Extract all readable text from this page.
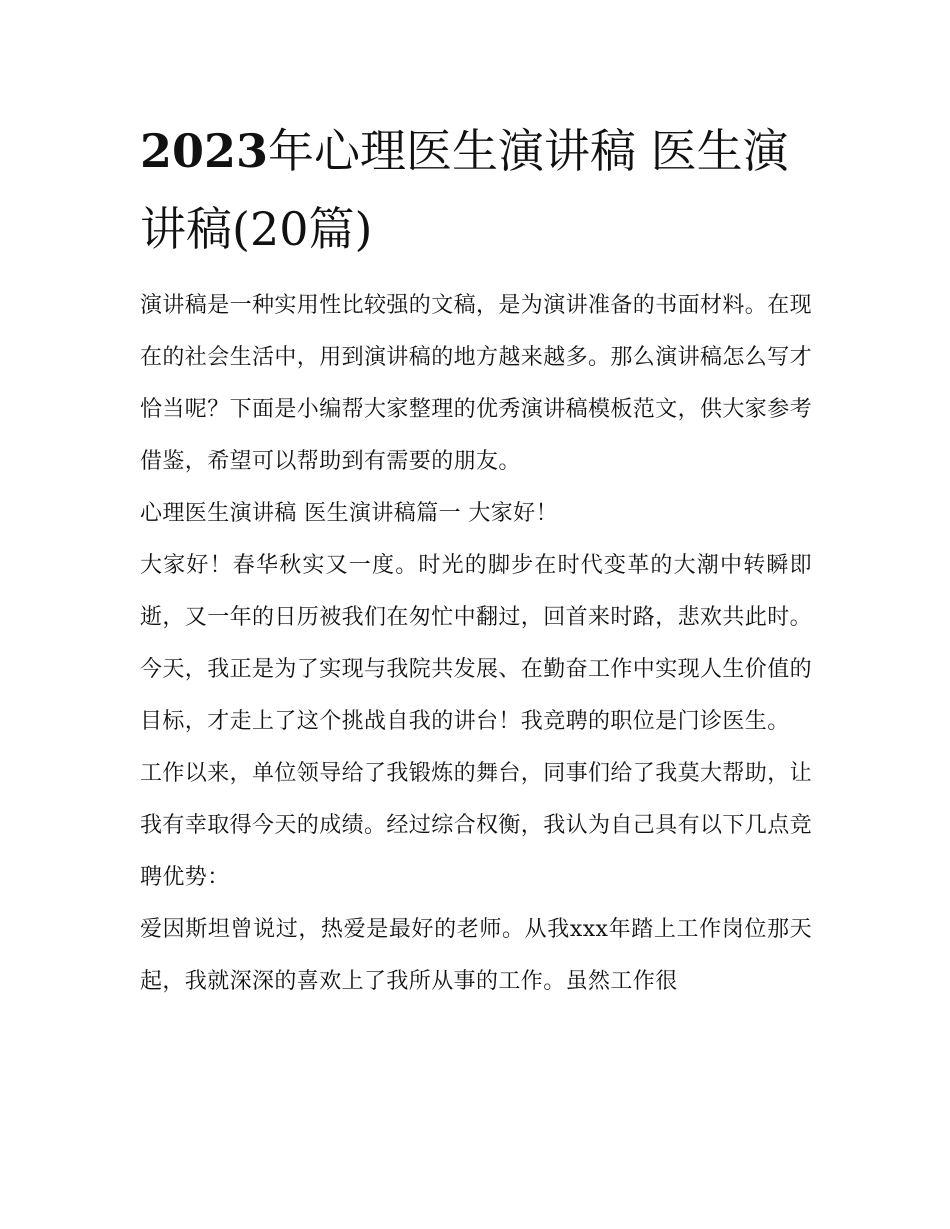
2023年心理医生演讲稿 医生演讲稿(20篇)

演讲稿是一种实用性比较强的文稿，是为演讲准备的书面材料。在现在的社会生活中，用到演讲稿的地方越来越多。那么演讲稿怎么写才恰当呢？下面是小编帮大家整理的优秀演讲稿模板范文，供大家参考借鉴，希望可以帮助到有需要的朋友。

心理医生演讲稿 医生演讲稿篇一 大家好！

大家好！春华秋实又一度。时光的脚步在时代变革的大潮中转瞬即逝，又一年的日历被我们在匆忙中翻过，回首来时路，悲欢共此时。

今天，我正是为了实现与我院共发展、在勤奋工作中实现人生价值的目标，才走上了这个挑战自我的讲台！我竞聘的职位是门诊医生。

工作以来，单位领导给了我锻炼的舞台，同事们给了我莫大帮助，让我有幸取得今天的成绩。经过综合权衡，我认为自己具有以下几点竞聘优势：

爱因斯坦曾说过，热爱是最好的老师。从我xxx年踏上工作岗位那天起，我就深深的喜欢上了我所从事的工作。虽然工作很
